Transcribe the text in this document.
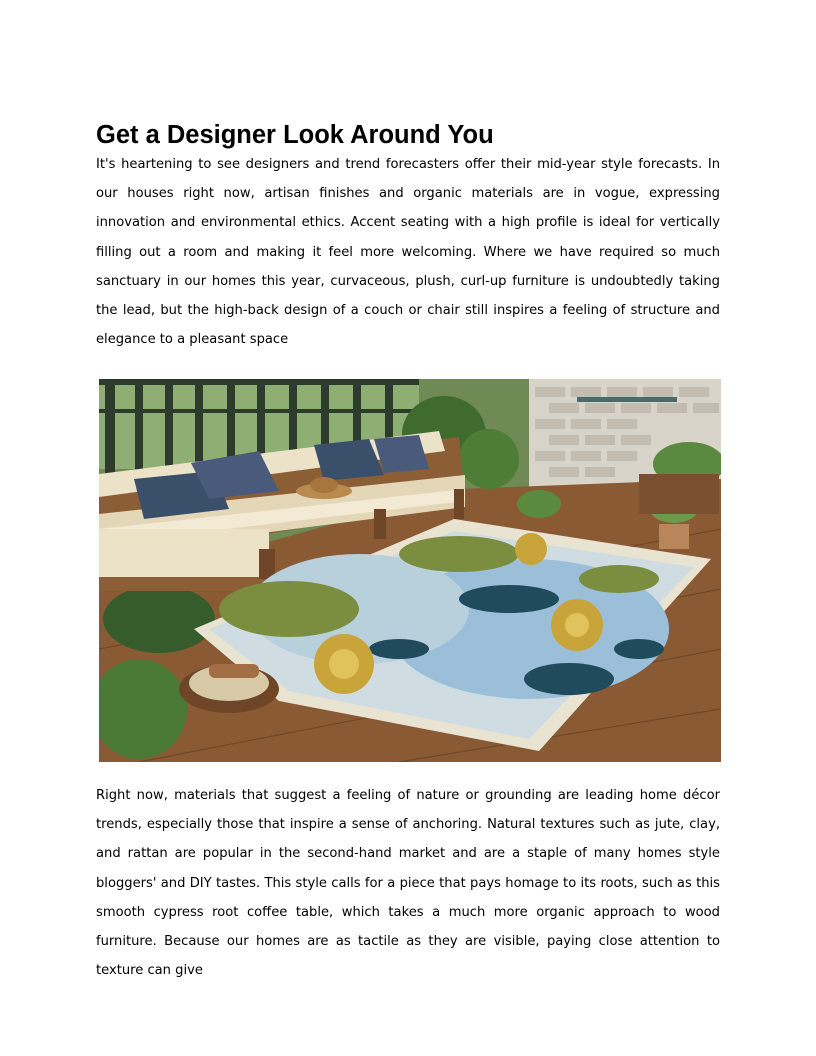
Get a Designer Look Around You

It's heartening to see designers and trend forecasters offer their mid-year style forecasts. In our houses right now, artisan finishes and organic materials are in vogue, expressing innovation and environmental ethics. Accent seating with a high profile is ideal for vertically filling out a room and making it feel more welcoming. Where we have required so much sanctuary in our homes this year, curvaceous, plush, curl-up furniture is undoubtedly taking the lead, but the high-back design of a couch or chair still inspires a feeling of structure and elegance to a pleasant space

Right now, materials that suggest a feeling of nature or grounding are leading home décor trends, especially those that inspire a sense of anchoring. Natural textures such as jute, clay, and rattan are popular in the second-hand market and are a staple of many homes style bloggers' and DIY tastes. This style calls for a piece that pays homage to its roots, such as this smooth cypress root coffee table, which takes a much more organic approach to wood furniture. Because our homes are as tactile as they are visible, paying close attention to texture can give
